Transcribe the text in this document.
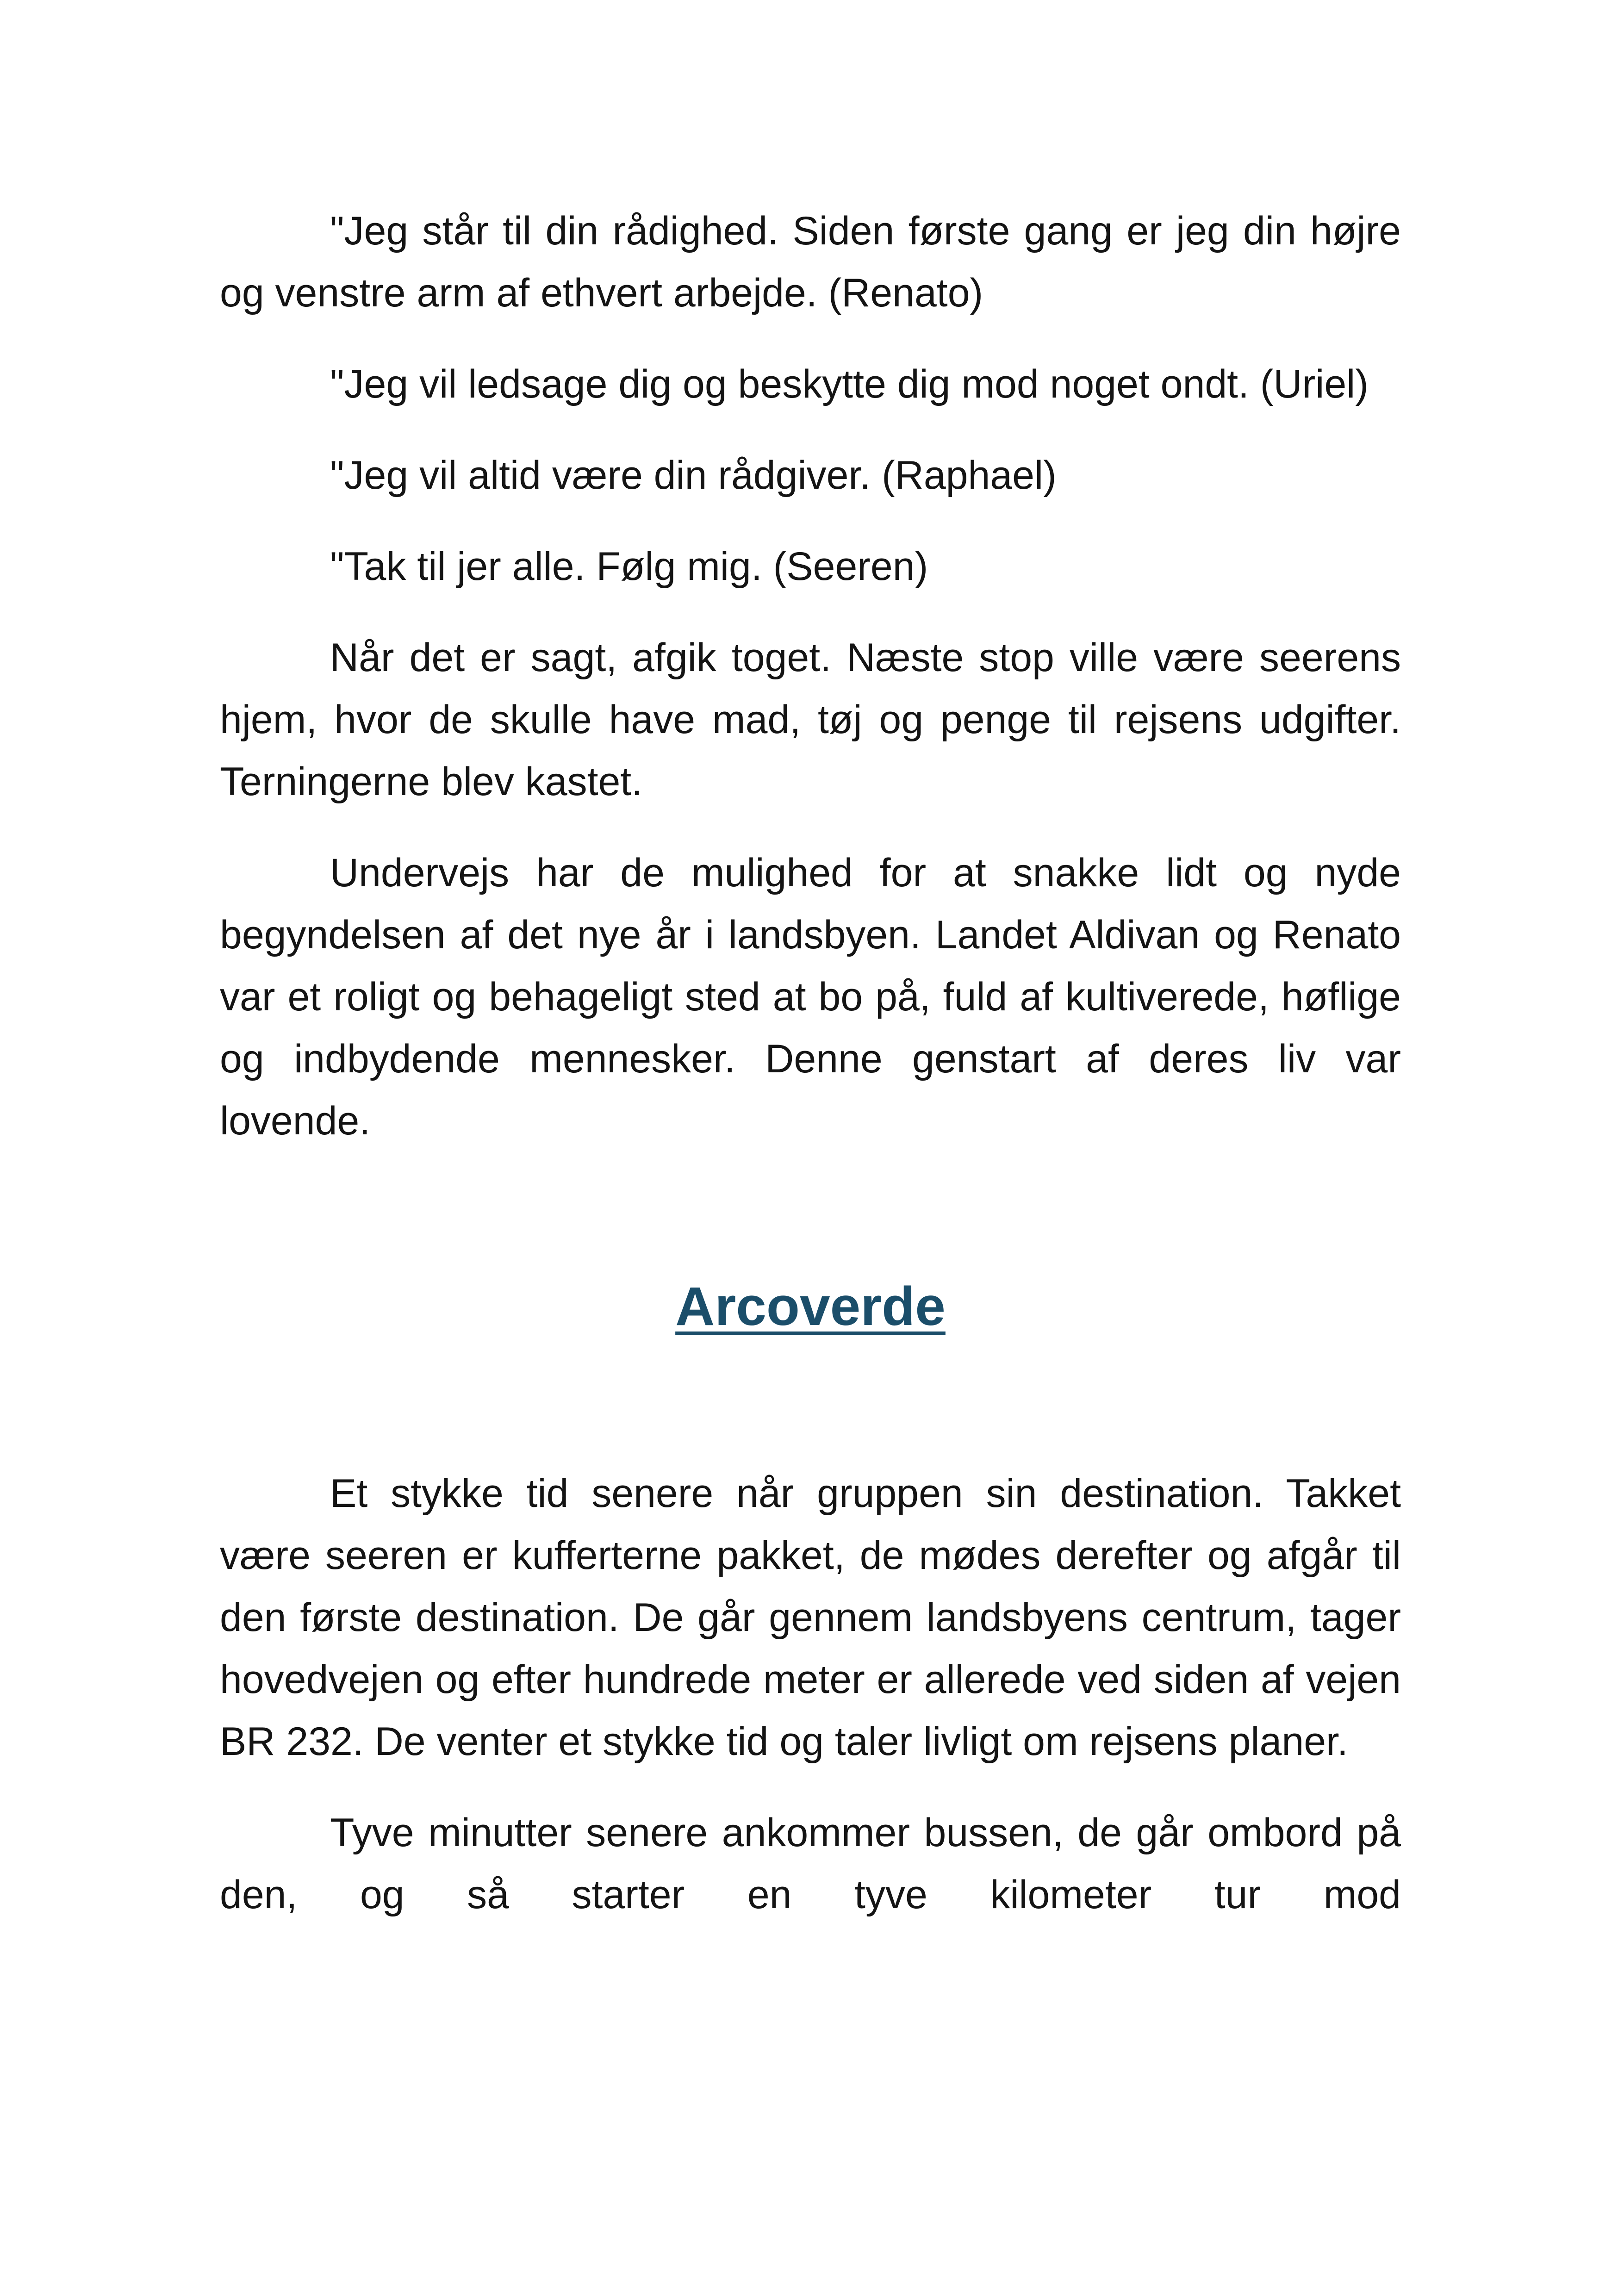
"Jeg står til din rådighed. Siden første gang er jeg din højre og venstre arm af ethvert arbejde. (Renato)

"Jeg vil ledsage dig og beskytte dig mod noget ondt. (Uriel)

"Jeg vil altid være din rådgiver. (Raphael)

"Tak til jer alle. Følg mig. (Seeren)

Når det er sagt, afgik toget. Næste stop ville være seerens hjem, hvor de skulle have mad, tøj og penge til rejsens udgifter. Terningerne blev kastet.

Undervejs har de mulighed for at snakke lidt og nyde begyndelsen af det nye år i landsbyen. Landet Aldivan og Renato var et roligt og behageligt sted at bo på, fuld af kultiverede, høflige og indbydende mennesker. Denne genstart af deres liv var lovende.

Arcoverde

Et stykke tid senere når gruppen sin destination. Takket være seeren er kufferterne pakket, de mødes derefter og afgår til den første destination. De går gennem landsbyens centrum, tager hovedvejen og efter hundrede meter er allerede ved siden af vejen BR 232. De venter et stykke tid og taler livligt om rejsens planer.

Tyve minutter senere ankommer bussen, de går ombord på den, og så starter en tyve kilometer tur mod
